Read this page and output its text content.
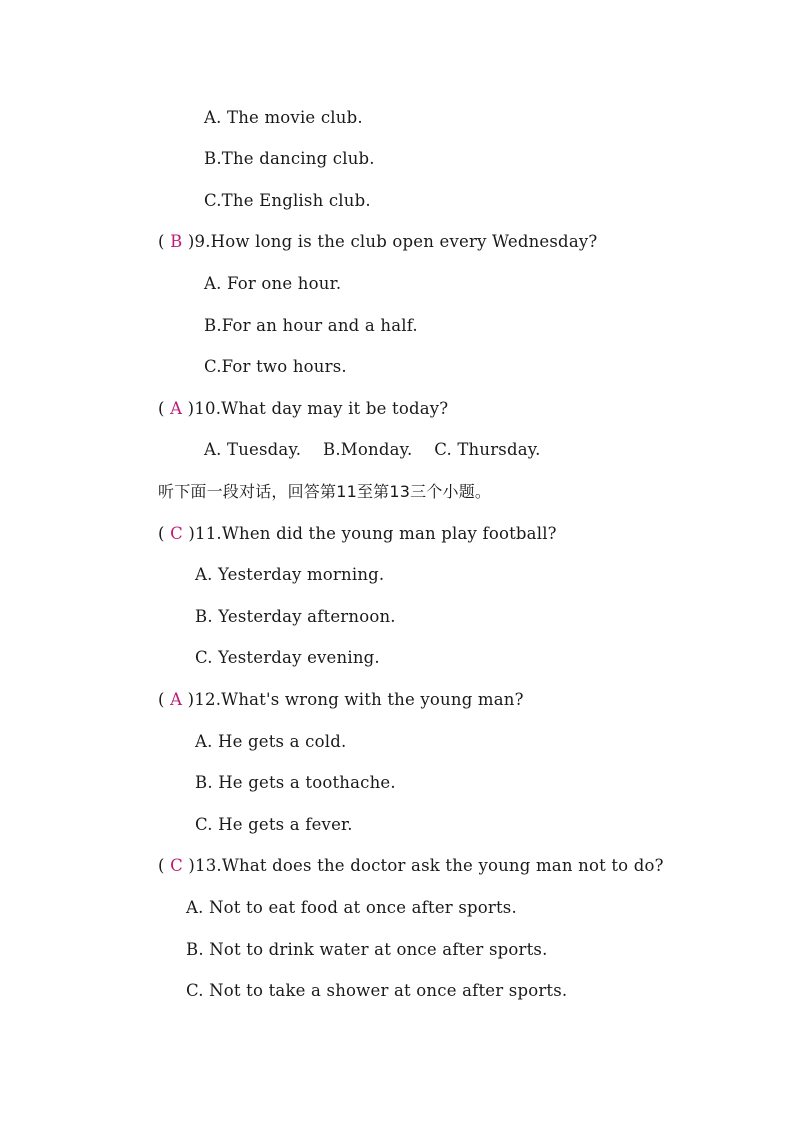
A. The movie club.
B.The dancing club.
C.The English club.
( B )9.How long is the club open every Wednesday?
A. For one hour.
B.For an hour and a half.
C.For two hours.
( A )10.What day may it be today?
A. Tuesday.    B.Monday.    C. Thursday.
听下面一段对话，回答第11至第13三个小题。
( C )11.When did the young man play football?
A. Yesterday morning.
B. Yesterday afternoon.
C. Yesterday evening.
( A )12.What's wrong with the young man?
A. He gets a cold.
B. He gets a toothache.
C. He gets a fever.
( C )13.What does the doctor ask the young man not to do?
A. Not to eat food at once after sports.
B. Not to drink water at once after sports.
C. Not to take a shower at once after sports.
